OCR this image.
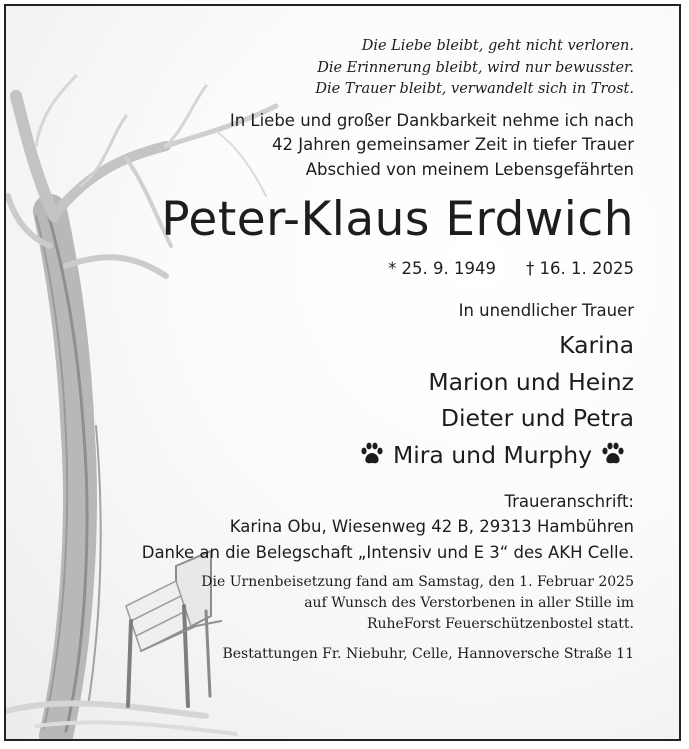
Die Liebe bleibt, geht nicht verloren.
Die Erinnerung bleibt, wird nur bewusster.
Die Trauer bleibt, verwandelt sich in Trost.
In Liebe und großer Dankbarkeit nehme ich nach
42 Jahren gemeinsamer Zeit in tiefer Trauer
Abschied von meinem Lebensgefährten
Peter-Klaus Erdwich
* 25. 9. 1949 † 16. 1. 2025
In unendlicher Trauer
Karina
Marion und Heinz
Dieter und Petra
Mira und Murphy
Traueranschrift:
Karina Obu, Wiesenweg 42 B, 29313 Hambühren
Danke an die Belegschaft „Intensiv und E 3“ des AKH Celle.
Die Urnenbeisetzung fand am Samstag, den 1. Februar 2025
auf Wunsch des Verstorbenen in aller Stille im
RuheForst Feuerschützenbostel statt.
Bestattungen Fr. Niebuhr, Celle, Hannoversche Straße 11
